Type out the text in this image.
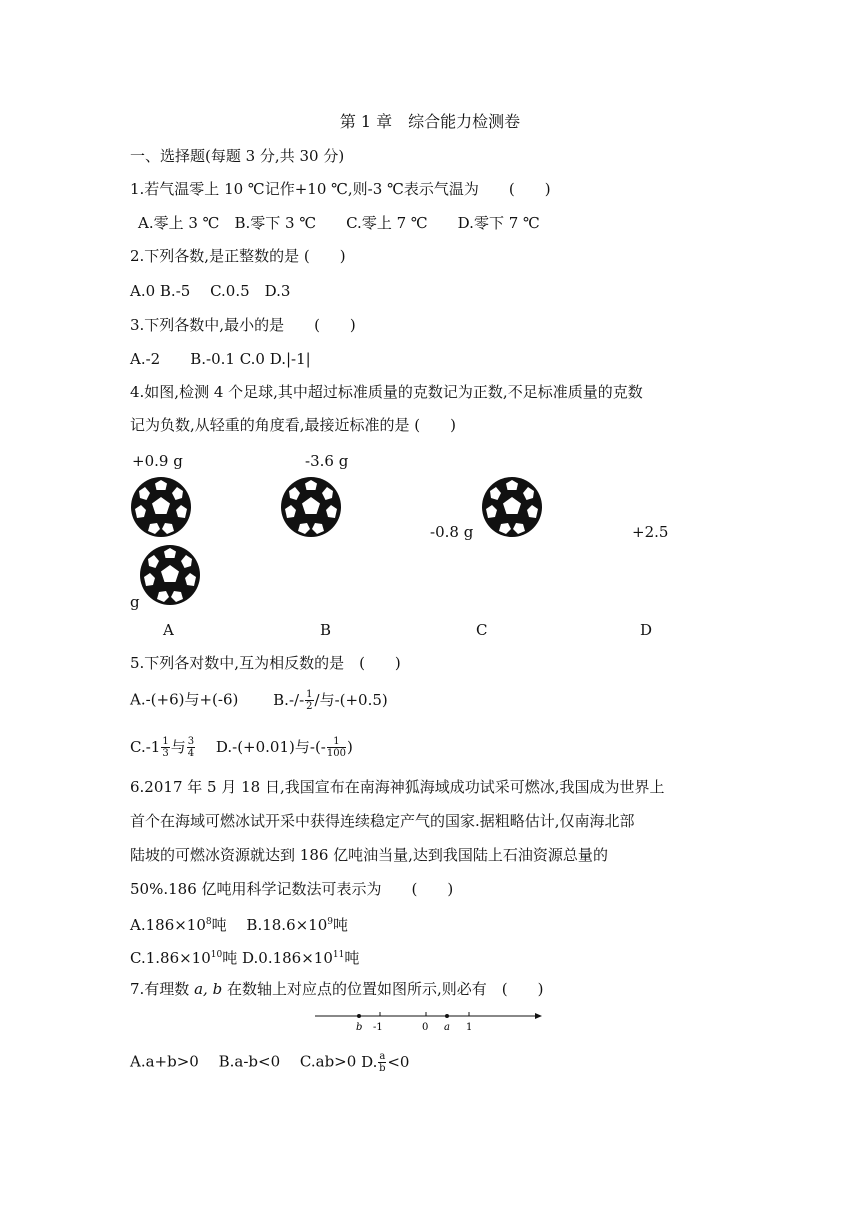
第 1 章　综合能力检测卷
一、选择题(每题 3 分,共 30 分)
1.若气温零上 10 ℃记作+10 ℃,则-3 ℃表示气温为　　(　　)
A.零上 3 ℃　B.零下 3 ℃　　C.零上 7 ℃　　D.零下 7 ℃
2.下列各数,是正整数的是 (　　)
A.0 B.-5　 C.0.5　D.3
3.下列各数中,最小的是　　(　　)
A.-2　　B.-0.1 C.0 D.|-1|
4.如图,检测 4 个足球,其中超过标准质量的克数记为正数,不足标准质量的克数
记为负数,从轻重的角度看,最接近标准的是 (　　)
+0.9 g	-3.6 g
-0.8 g	+2.5
g
A	B	C	D
5.下列各对数中,互为相反数的是　(　　)
A.-(+6)与+(-6)　　 $B.-/- \frac{1}{2}$ /与-(+0.5)
$C.-1 \frac{1}{3}$ 与 $\frac{3}{4}$
　 D.-(+0.01)与-(- $\frac{1}{100}$ )
6.2017 年 5 月 18 日,我国宣布在南海神狐海域成功试采可燃冰,我国成为世界上
首个在海域可燃冰试开采中获得连续稳定产气的国家.据粗略估计,仅南海北部
陆坡的可燃冰资源就达到 186 亿吨油当量,达到我国陆上石油资源总量的
50%.186 亿吨用科学记数法可表示为　　(　　)
$A.186\times 10^8$吨　 $B.18.6\times 10^9$吨
$C.1.86\times 10^{10}$吨 $D.0.186\times 10^{11}$吨
7.有理数 a, b 在数轴上对应点的位置如图所示,则必有　(　　)
b -1	0 a 1
A.a+b>0　 B.a-b<0　 C.ab>0 D. $\frac{a}{b} <0$
